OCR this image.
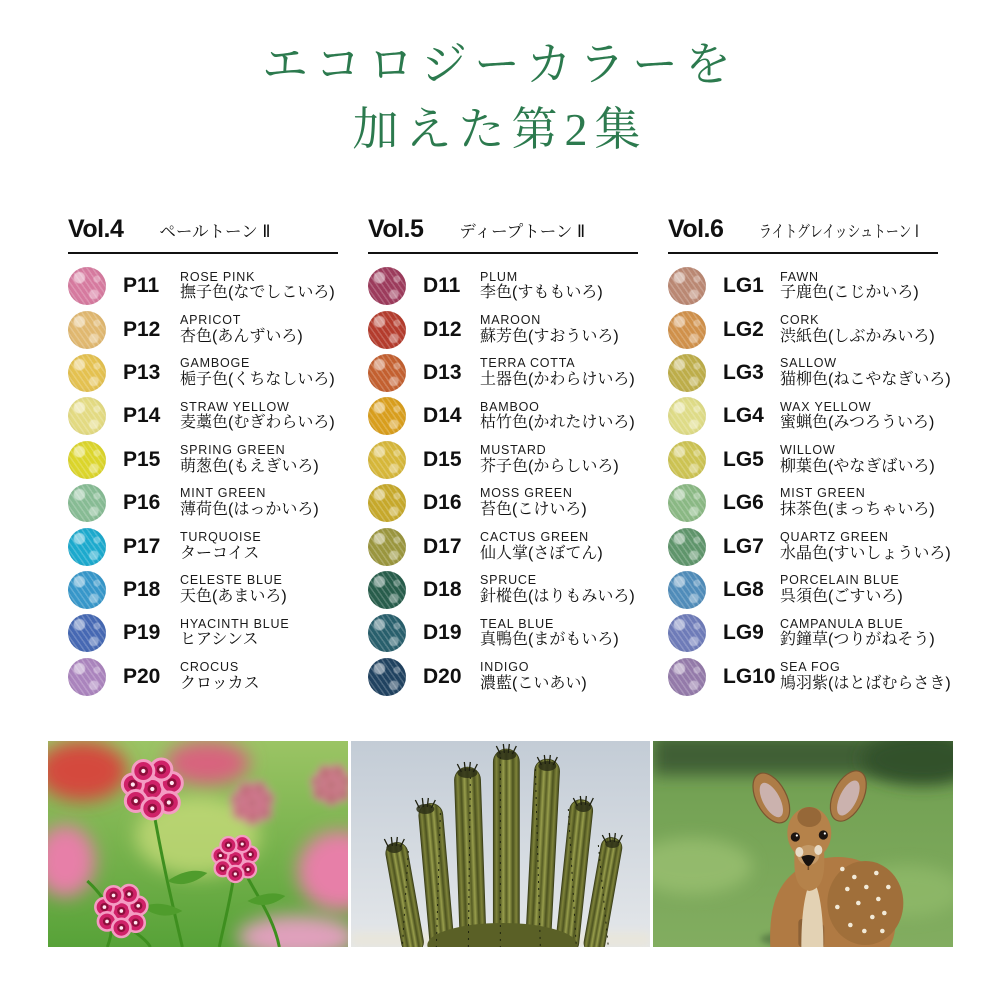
エコロジーカラーを
加えた第2集
Vol.4 ペールトーン Ⅱ
P11	ROSE PINK
撫子色(なでしこいろ)
P12	APRICOT
杏色(あんずいろ)
P13	GAMBOGE
梔子色(くちなしいろ)
P14	STRAW YELLOW
麦藁色(むぎわらいろ)
P15	SPRING GREEN
萌葱色(もえぎいろ)
P16	MINT GREEN
薄荷色(はっかいろ)
P17	TURQUOISE
ターコイス
P18	CELESTE BLUE
天色(あまいろ)
P19	HYACINTH BLUE
ヒアシンス
P20	CROCUS
クロッカス
Vol.5 ディープトーン Ⅱ
D11	PLUM
李色(すももいろ)
D12	MAROON
蘇芳色(すおういろ)
D13	TERRA COTTA
土器色(かわらけいろ)
D14	BAMBOO
枯竹色(かれたけいろ)
D15	MUSTARD
芥子色(からしいろ)
D16	MOSS GREEN
苔色(こけいろ)
D17	CACTUS GREEN
仙人掌(さぼてん)
D18	SPRUCE
針樅色(はりもみいろ)
D19	TEAL BLUE
真鴨色(まがもいろ)
D20	INDIGO
濃藍(こいあい)
Vol.6 ライトグレイッシュトーン Ⅰ
LG1	FAWN
子鹿色(こじかいろ)
LG2	CORK
渋紙色(しぶかみいろ)
LG3	SALLOW
猫柳色(ねこやなぎいろ)
LG4	WAX YELLOW
蜜蝋色(みつろういろ)
LG5	WILLOW
柳葉色(やなぎばいろ)
LG6	MIST GREEN
抹茶色(まっちゃいろ)
LG7	QUARTZ GREEN
水晶色(すいしょういろ)
LG8	PORCELAIN BLUE
呉須色(ごすいろ)
LG9	CAMPANULA BLUE
釣鐘草(つりがねそう)
LG10 SEA FOG
鳩羽紫(はとばむらさき)
